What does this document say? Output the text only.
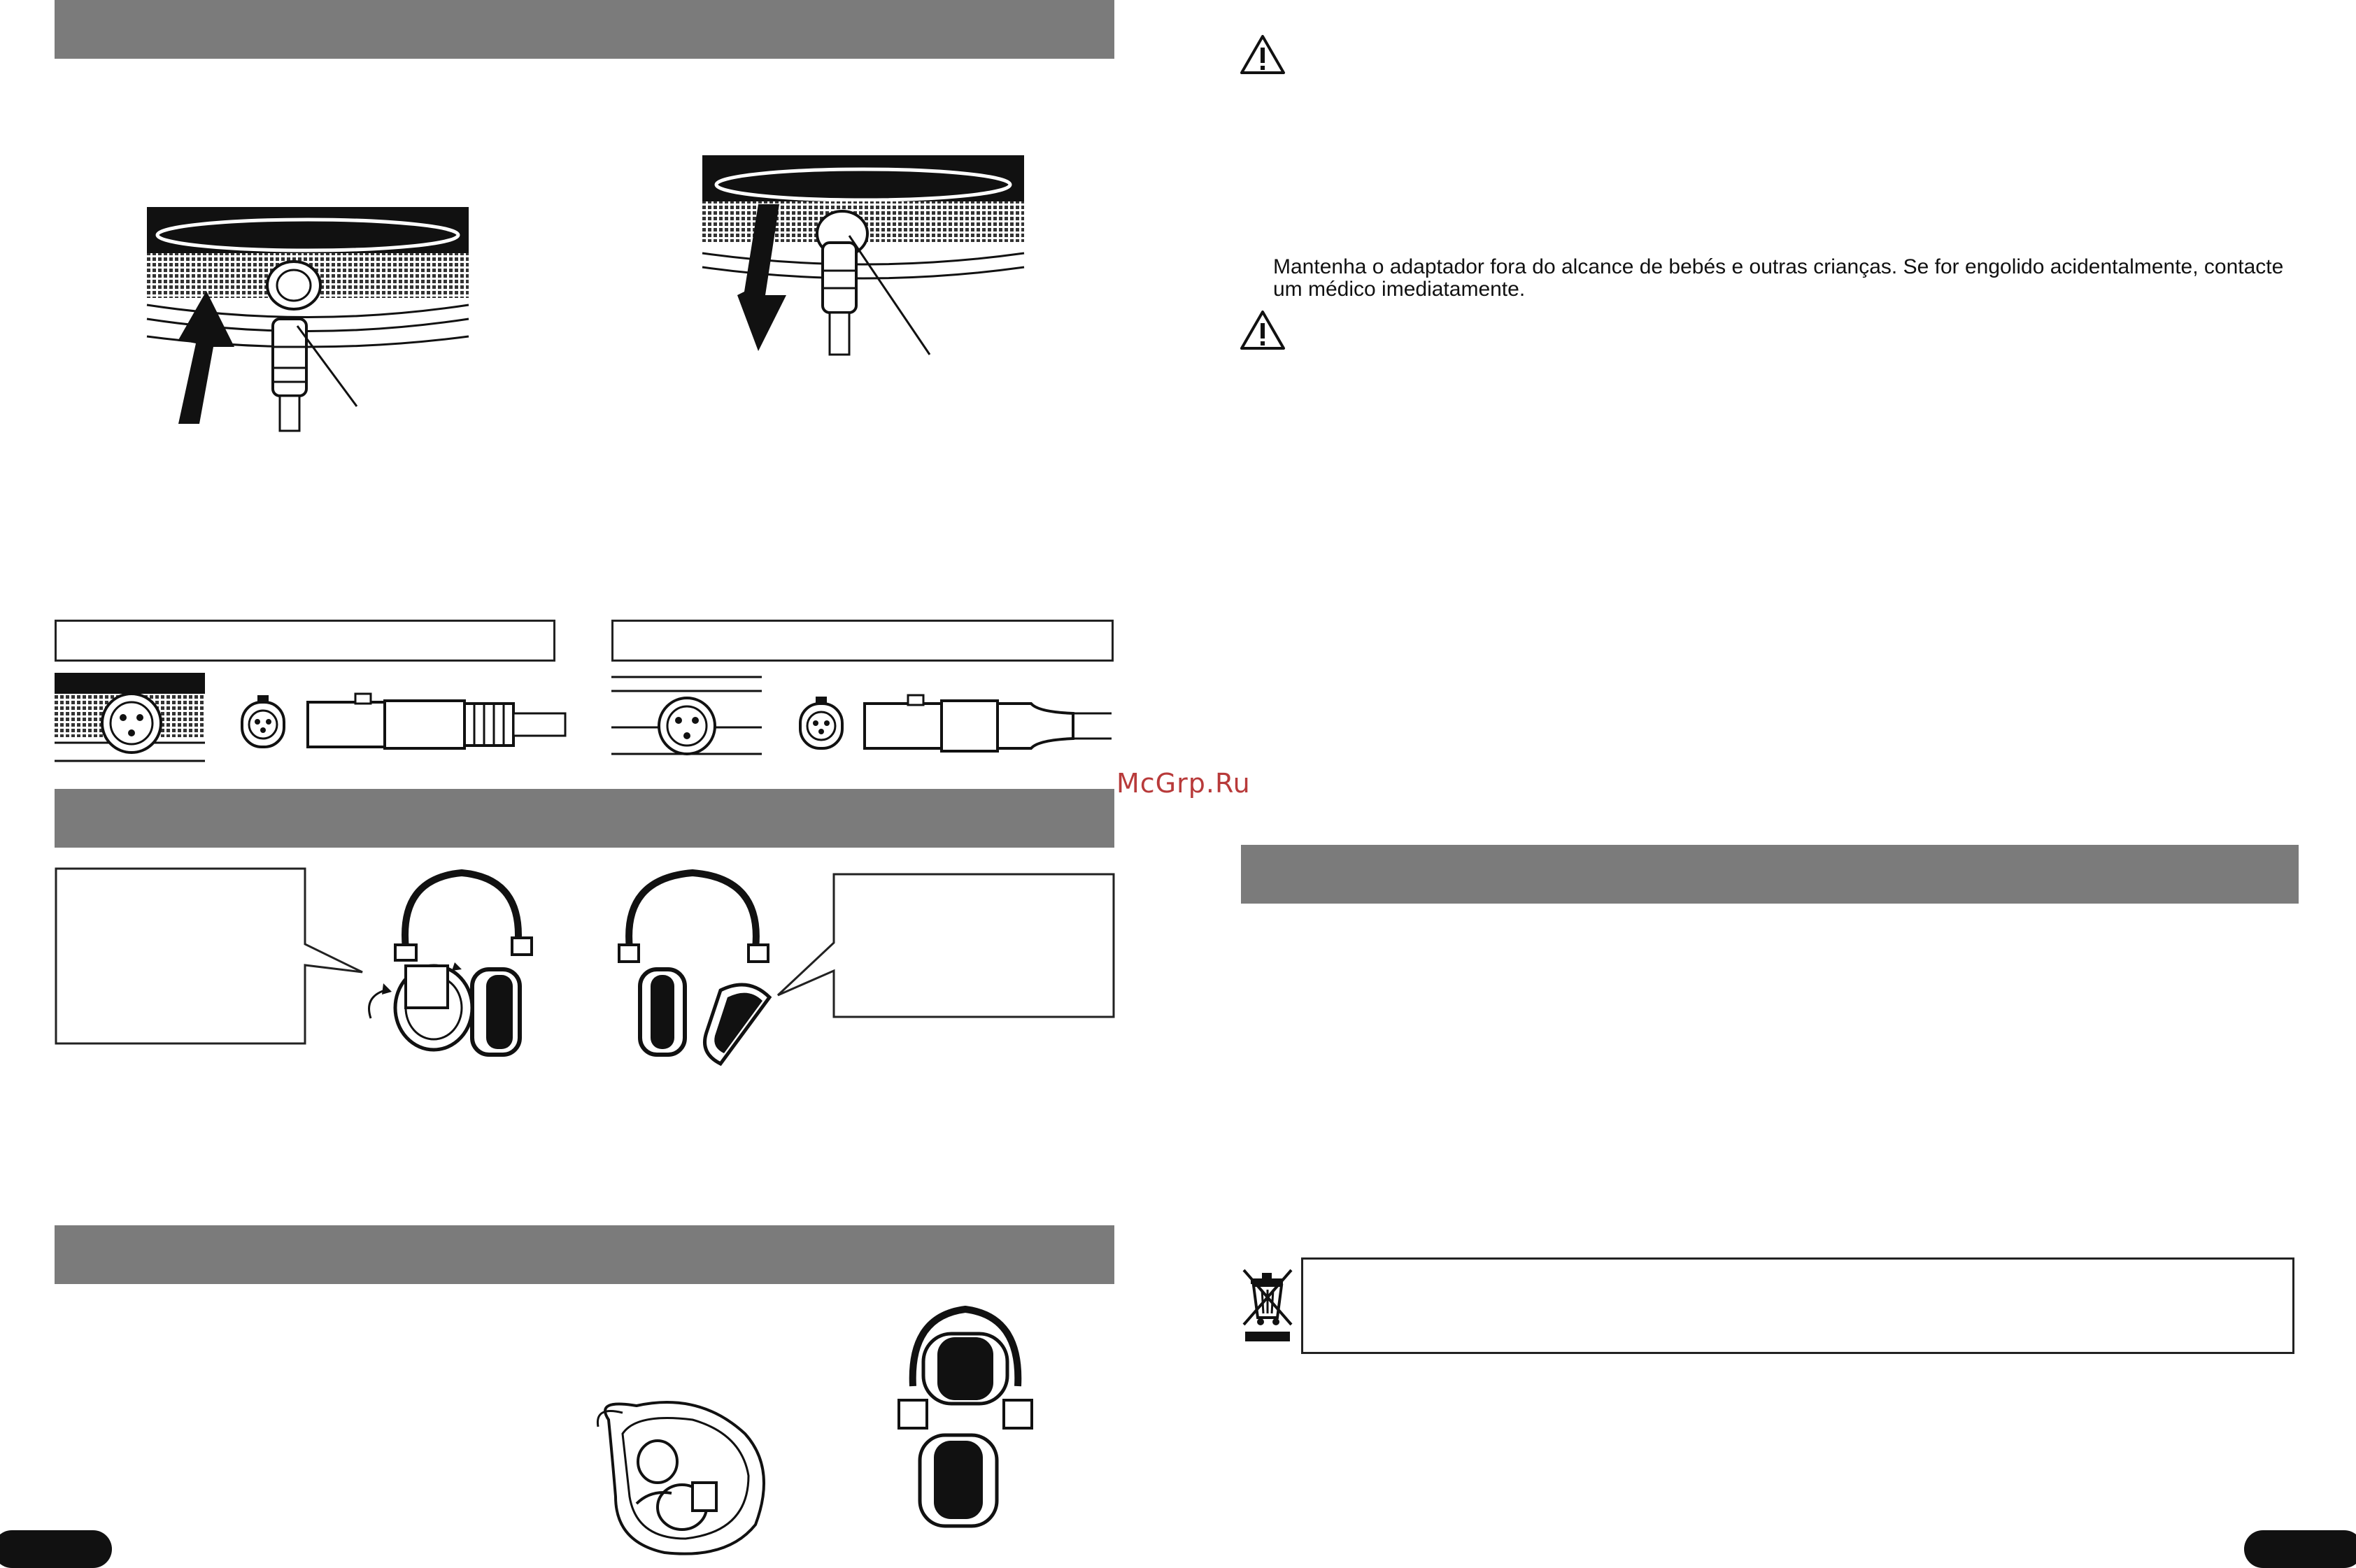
Mantenha o adaptador fora do alcance de bebés e outras crianças. Se for engolido acidentalmente, contacte um médico imediatamente.
McGrp.Ru
